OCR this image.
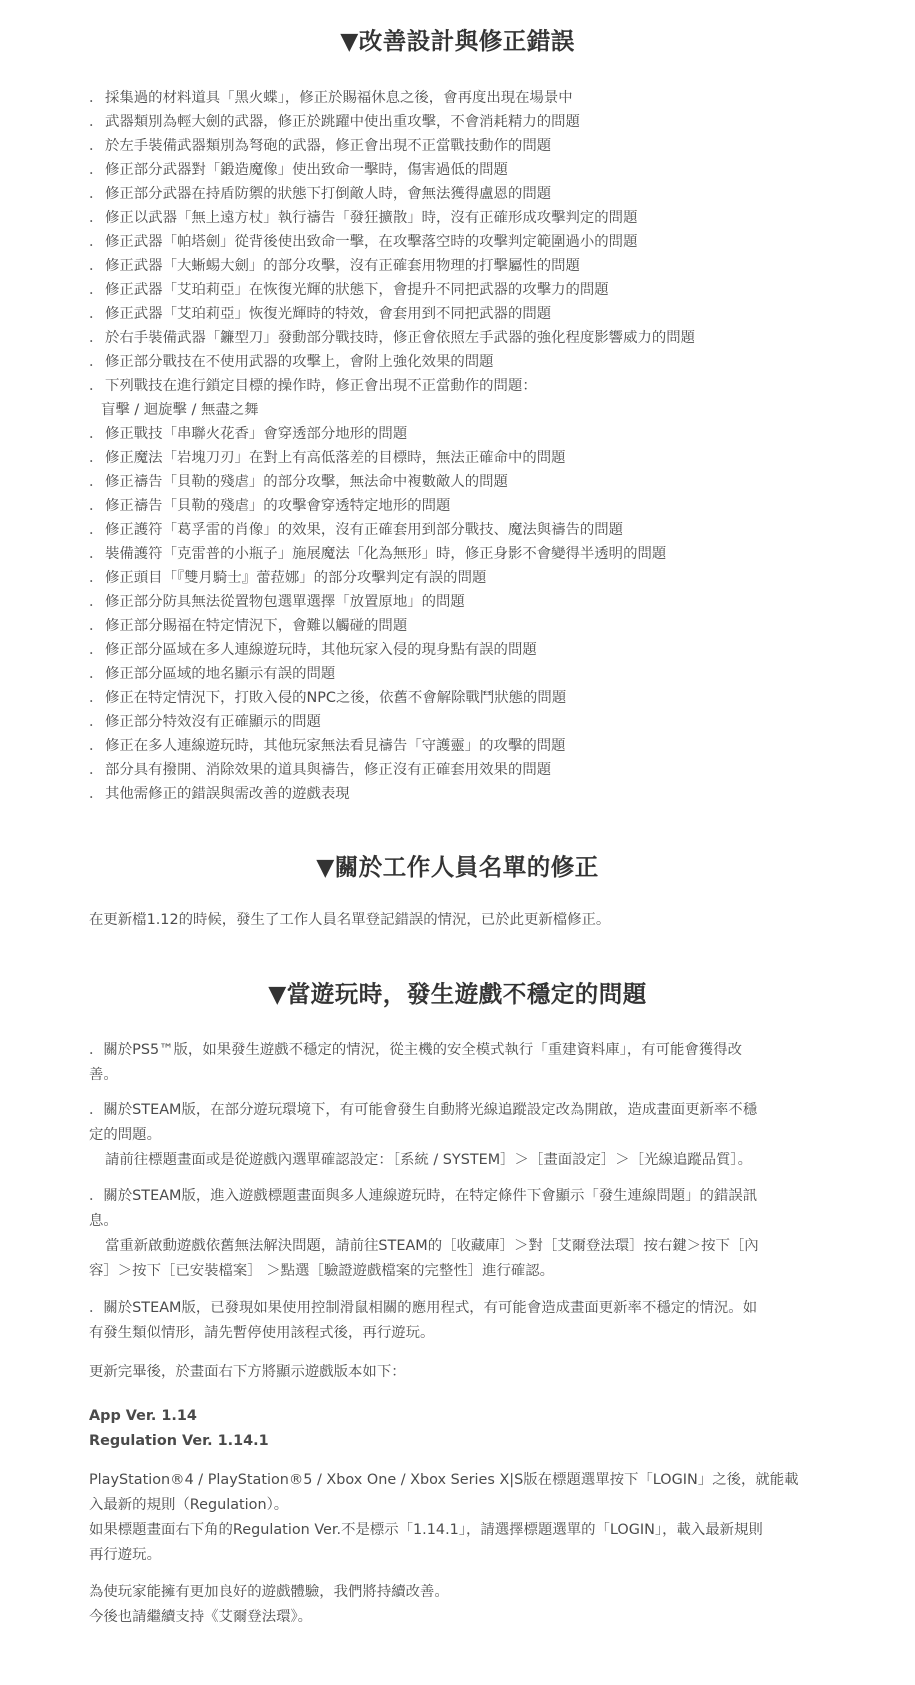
▼改善設計與修正錯誤
． 採集過的材料道具「黑火蝶」，修正於賜福休息之後，會再度出現在場景中
． 武器類別為輕大劍的武器，修正於跳躍中使出重攻擊，不會消耗精力的問題
． 於左手裝備武器類別為弩砲的武器，修正會出現不正當戰技動作的問題
． 修正部分武器對「鍛造魔像」使出致命一擊時，傷害過低的問題
． 修正部分武器在持盾防禦的狀態下打倒敵人時，會無法獲得盧恩的問題
． 修正以武器「無上遠方杖」執行禱告「發狂擴散」時，沒有正確形成攻擊判定的問題
． 修正武器「帕塔劍」從背後使出致命一擊，在攻擊落空時的攻擊判定範圍過小的問題
． 修正武器「大蜥蜴大劍」的部分攻擊，沒有正確套用物理的打擊屬性的問題
． 修正武器「艾珀莉亞」在恢復光輝的狀態下，會提升不同把武器的攻擊力的問題
． 修正武器「艾珀莉亞」恢復光輝時的特效，會套用到不同把武器的問題
． 於右手裝備武器「鐮型刀」發動部分戰技時，修正會依照左手武器的強化程度影響威力的問題
． 修正部分戰技在不使用武器的攻擊上，會附上強化效果的問題
． 下列戰技在進行鎖定目標的操作時，修正會出現不正當動作的問題：
盲擊 / 迴旋擊 / 無盡之舞
． 修正戰技「串聯火花香」會穿透部分地形的問題
． 修正魔法「岩塊刀刃」在對上有高低落差的目標時，無法正確命中的問題
． 修正禱告「貝勒的殘虐」的部分攻擊，無法命中複數敵人的問題
． 修正禱告「貝勒的殘虐」的攻擊會穿透特定地形的問題
． 修正護符「葛孚雷的肖像」的效果，沒有正確套用到部分戰技、魔法與禱告的問題
． 裝備護符「克雷普的小瓶子」施展魔法「化為無形」時，修正身影不會變得半透明的問題
． 修正頭目「『雙月騎士』蕾菈娜」的部分攻擊判定有誤的問題
． 修正部分防具無法從置物包選單選擇「放置原地」的問題
． 修正部分賜福在特定情況下，會難以觸碰的問題
． 修正部分區域在多人連線遊玩時，其他玩家入侵的現身點有誤的問題
． 修正部分區域的地名顯示有誤的問題
． 修正在特定情況下，打敗入侵的NPC之後，依舊不會解除戰鬥狀態的問題
． 修正部分特效沒有正確顯示的問題
． 修正在多人連線遊玩時，其他玩家無法看見禱告「守護靈」的攻擊的問題
． 部分具有撥開、消除效果的道具與禱告，修正沒有正確套用效果的問題
． 其他需修正的錯誤與需改善的遊戲表現
▼關於工作人員名單的修正
在更新檔1.12的時候，發生了工作人員名單登記錯誤的情況，已於此更新檔修正。
▼當遊玩時，發生遊戲不穩定的問題
．關於PS5™版，如果發生遊戲不穩定的情況，從主機的安全模式執行「重建資料庫」，有可能會獲得改
善。
．關於STEAM版，在部分遊玩環境下，有可能會發生自動將光線追蹤設定改為開啟，造成畫面更新率不穩
定的問題。
請前往標題畫面或是從遊戲內選單確認設定：［系統 / SYSTEM］＞［畫面設定］＞［光線追蹤品質］。
．關於STEAM版，進入遊戲標題畫面與多人連線遊玩時，在特定條件下會顯示「發生連線問題」的錯誤訊
息。
當重新啟動遊戲依舊無法解決問題，請前往STEAM的［收藏庫］＞對［艾爾登法環］按右鍵＞按下［內
容］＞按下［已安裝檔案］ ＞點選［驗證遊戲檔案的完整性］進行確認。
．關於STEAM版，已發現如果使用控制滑鼠相關的應用程式，有可能會造成畫面更新率不穩定的情況。如
有發生類似情形，請先暫停使用該程式後，再行遊玩。
更新完畢後，於畫面右下方將顯示遊戲版本如下：
App Ver. 1.14
Regulation Ver. 1.14.1
PlayStation®4 / PlayStation®5 / Xbox One / Xbox Series X|S版在標題選單按下「LOGIN」之後，就能載
入最新的規則（Regulation）。
如果標題畫面右下角的Regulation Ver.不是標示「1.14.1」，請選擇標題選單的「LOGIN」，載入最新規則
再行遊玩。
為使玩家能擁有更加良好的遊戲體驗，我們將持續改善。
今後也請繼續支持《艾爾登法環》。
